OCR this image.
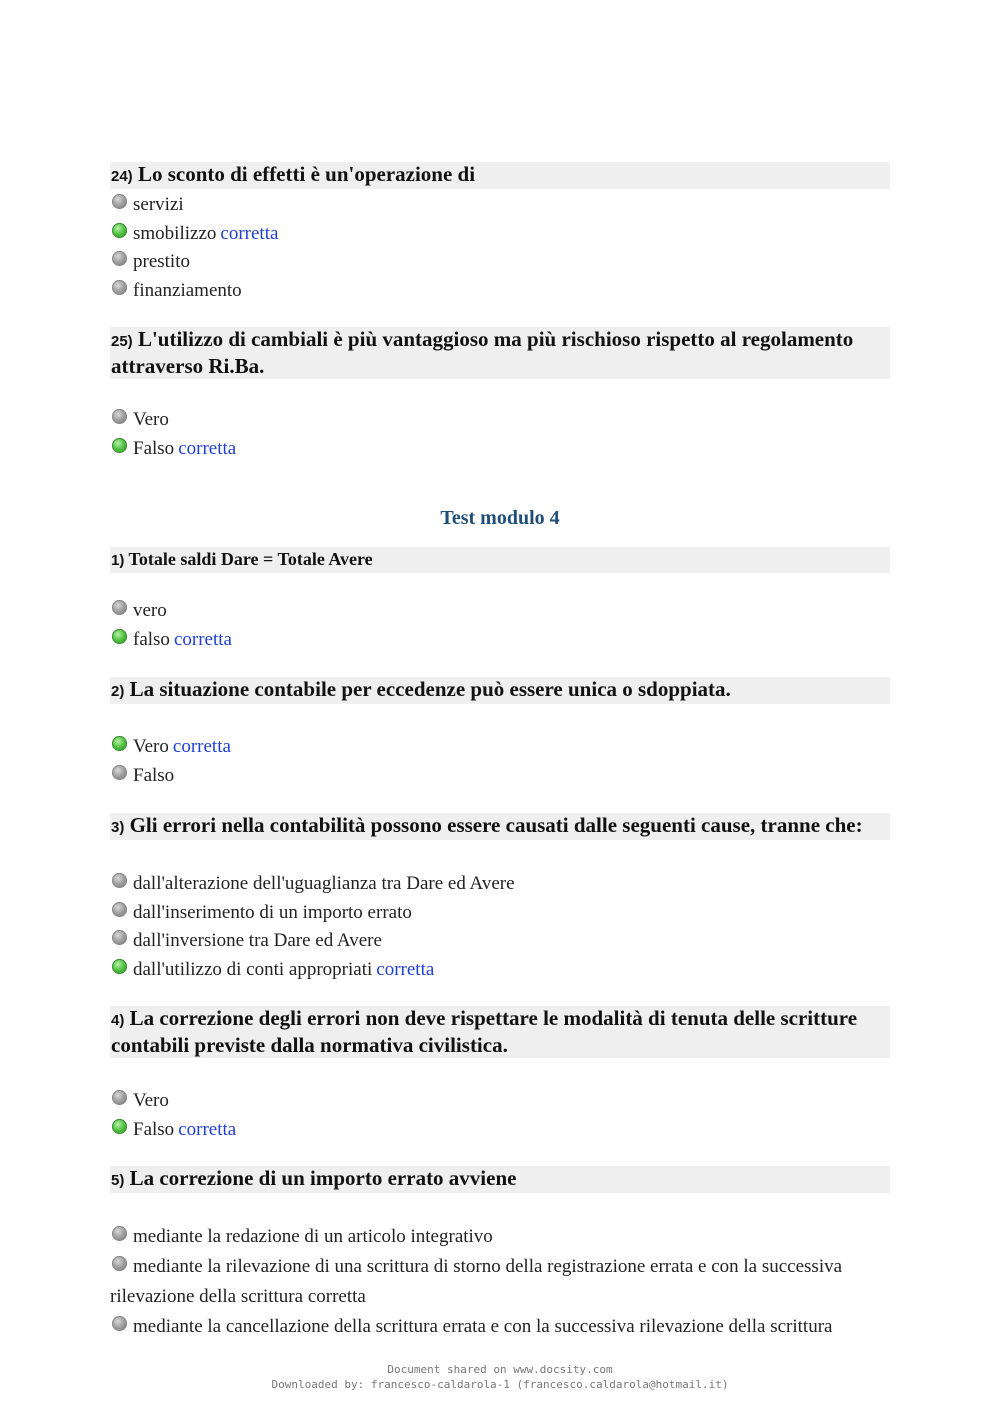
24) Lo sconto di effetti è un'operazione di
servizi
smobilizzo corretta
prestito
finanziamento
25) L'utilizzo di cambiali è più vantaggioso ma più rischioso rispetto al regolamento attraverso Ri.Ba.
Vero
Falso corretta
Test modulo 4
1) Totale saldi Dare = Totale Avere
vero
falso corretta
2) La situazione contabile per eccedenze può essere unica o sdoppiata.
Vero corretta
Falso
3) Gli errori nella contabilità possono essere causati dalle seguenti cause, tranne che:
dall'alterazione dell'uguaglianza tra Dare ed Avere
dall'inserimento di un importo errato
dall'inversione tra Dare ed Avere
dall'utilizzo di conti appropriati corretta
4) La correzione degli errori non deve rispettare le modalità di tenuta delle scritture contabili previste dalla normativa civilistica.
Vero
Falso corretta
5) La correzione di un importo errato avviene
mediante la redazione di un articolo integrativo
mediante la rilevazione di una scrittura di storno della registrazione errata e con la successiva rilevazione della scrittura corretta
mediante la cancellazione della scrittura errata e con la successiva rilevazione della scrittura
Document shared on www.docsity.com
Downloaded by: francesco-caldarola-1 (francesco.caldarola@hotmail.it)
